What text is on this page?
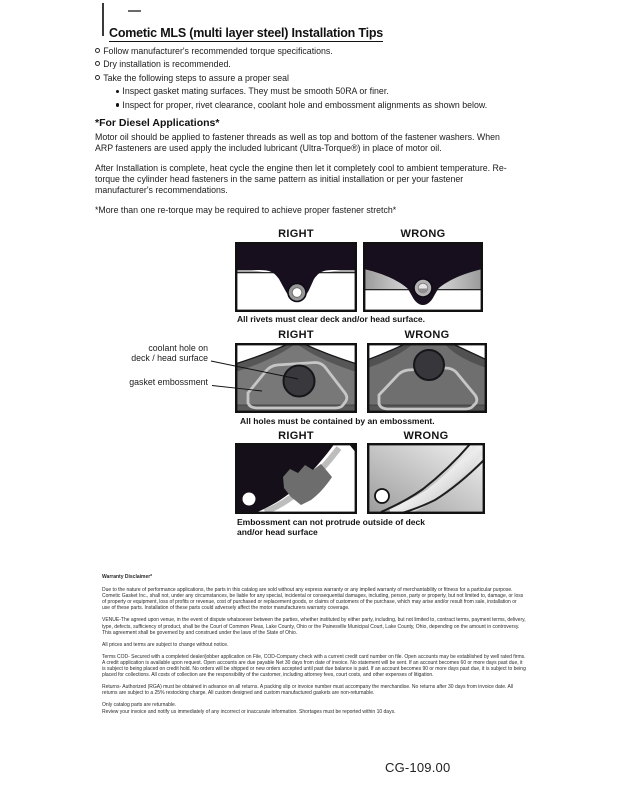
Cometic MLS (multi layer steel) Installation Tips
Follow manufacturer's recommended torque specifications.
Dry installation is recommended.
Take the following steps to assure a proper seal
Inspect gasket mating surfaces. They must be smooth 50RA or finer.
Inspect for proper, rivet clearance, coolant hole and embossment alignments as shown below.
*For Diesel Applications*

Motor oil should be applied to fastener threads as well as top and bottom of the fastener washers. When ARP fasteners are used apply the included lubricant (Ultra-Torque®) in place of motor oil.

After Installation is complete, heat cycle the engine then let it completely cool to ambient temperature. Re-torque the cylinder head fasteners in the same pattern as initial installation or per your fastener manufacturer's recommendations.

*More than one re-torque may be required to achieve proper fastener stretch*

RIGHT	WRONG
All rivets must clear deck and/or head surface.
RIGHT	WRONG
coolant hole on
deck / head surface
gasket embossment
All holes must be contained by an embossment.
RIGHT	WRONG
Embossment can not protrude outside of deck
and/or head surface
Warranty Disclaimer*
Due to the nature of performance applications, the parts in this catalog are sold without any express warranty or any implied warranty of merchantability or fitness for a particular purpose. Cometic Gasket Inc., shall not, under any circumstances, be liable for any special, incidental or consequential damages, including, person, party or property, but not limited to, damage, or loss of property or equipment, loss of profits or revenue, cost of purchased or replacement goods, or claims of customers of the purchase, which may arise and/or result from sale, installation or use of these parts. Installation of these parts could adversely affect the motor manufacturers warranty coverage.
VENUE-The agreed upon venue, in the event of dispute whatsoever between the parties, whether instituted by either party, including, but not limited to, contract terms, payment terms, delivery, type, defects, sufficiency of product, shall be the Court of Common Pleas, Lake County, Ohio or the Painesville Municipal Court, Lake County, Ohio, depending on the amount in controversy.
This agreement shall be governed by and construed under the laws of the State of Ohio.
All prices and terms are subject to change without notice.
Terms COD- Secured with a completed dealer/jobber application on File, COD-Company check with a current credit card number on file. Open accounts may be established by well rated firms. A credit application is available upon request. Open accounts are due payable Net 30 days from date of invoice. No statement will be sent. If an account becomes 60 or more days past due, it is subject to being placed on credit hold. No orders will be shipped or new orders accepted until past due balance is paid. If an account becomes 90 or more days past due, it is subject to being placed for collections. All costs of collection are the responsibility of the customer, including attorney fees, court costs, and other expenses of litigation.
Returns- Authorized (RGA) must be obtained in advance on all returns. A packing slip or invoice number must accompany the merchandise. No returns after 30 days from invoice date. All returns are subject to a 25% restocking charge. All custom designed and custom manufactured gaskets are non-returnable.
Only catalog parts are returnable.
Review your invoice and notify us immediately of any incorrect or inaccurate information. Shortages must be reported within 10 days.
CG-109.00
